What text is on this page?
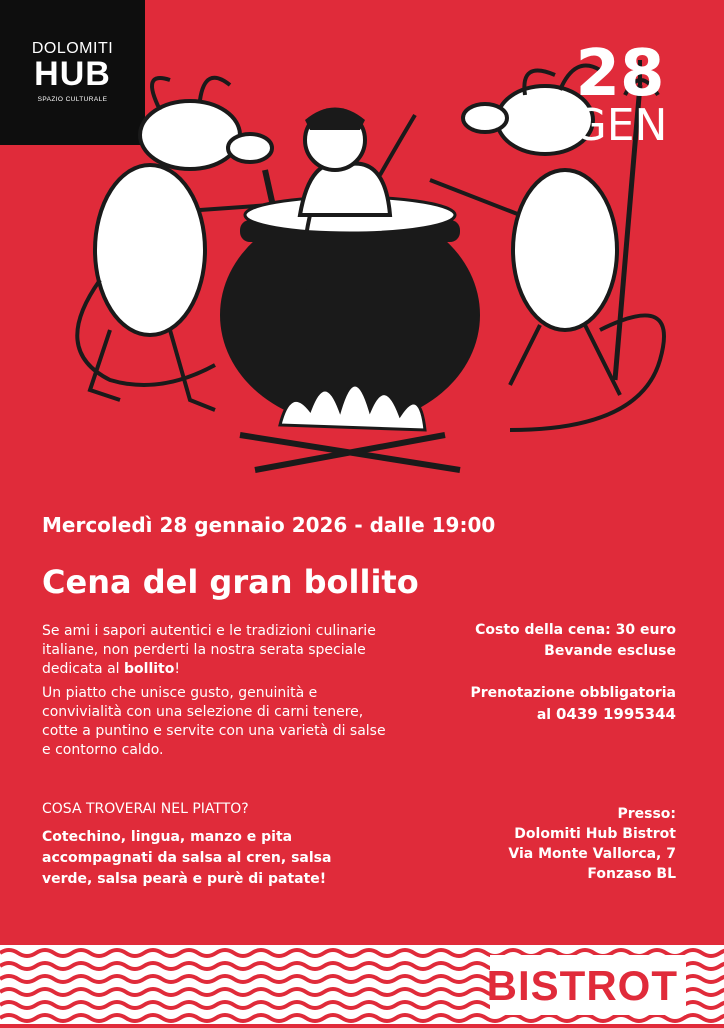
DOLOMITI
HUB
SPAZIO CULTURALE	28
GEN
Mercoledì 28 gennaio 2026 - dalle 19:00
Cena del gran bollito
Se ami i sapori autentici e le tradizioni culinarie italiane, non perderti la nostra serata speciale dedicata al bollito!
Un piatto che unisce gusto, genuinità e convivialità con una selezione di carni tenere, cotte a puntino e servite con una varietà di salse e contorno caldo.
Costo della cena: 30 euro
Bevande escluse
Prenotazione obbligatoria
al 0439 1995344
COSA TROVERAI NEL PIATTO?
Cotechino, lingua, manzo e pita accompagnati da salsa al cren, salsa verde, salsa pearà e purè di patate!
Presso:
Dolomiti Hub Bistrot
Via Monte Vallorca, 7
Fonzaso BL
BISTROT
